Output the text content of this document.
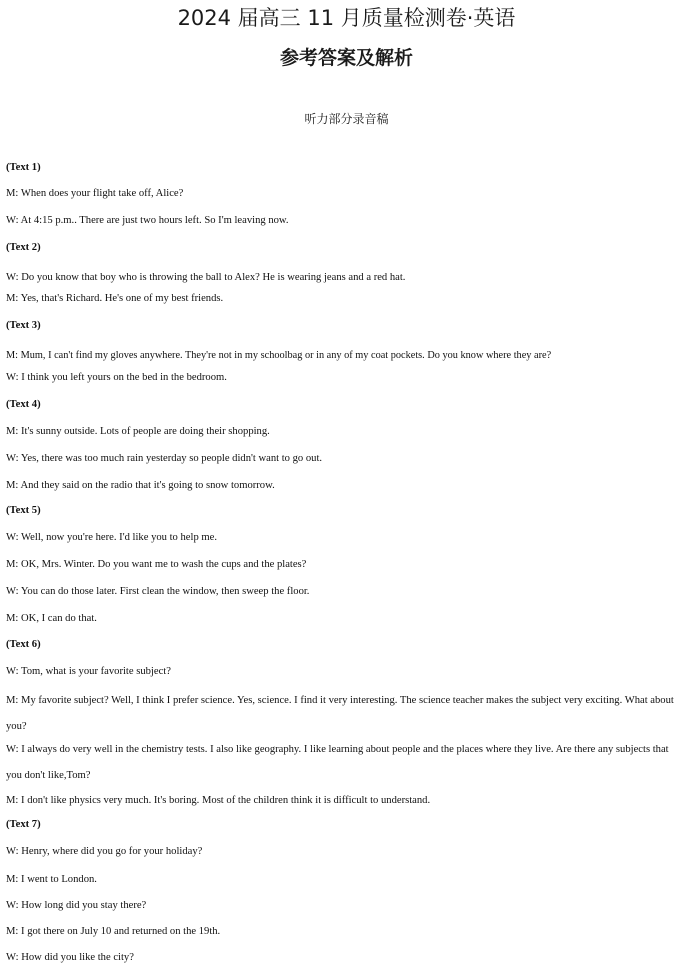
2024 届高三 11 月质量检测卷·英语
参考答案及解析
听力部分录音稿
(Text 1)
M: When does your flight take off, Alice?
W: At 4:15 p.m.. There are just two hours left. So I'm leaving now.
(Text 2)
W: Do you know that boy who is throwing the ball to Alex? He is wearing jeans and a red hat.
M: Yes, that's Richard. He's one of my best friends.
(Text 3)
M: Mum, I can't find my gloves anywhere. They're not in my schoolbag or in any of my coat pockets. Do you know where they are?
W: I think you left yours on the bed in the bedroom.
(Text 4)
M: It's sunny outside. Lots of people are doing their shopping.
W: Yes, there was too much rain yesterday so people didn't want to go out.
M: And they said on the radio that it's going to snow tomorrow.
(Text 5)
W: Well, now you're here. I'd like you to help me.
M: OK, Mrs. Winter. Do you want me to wash the cups and the plates?
W: You can do those later. First clean the window, then sweep the floor.
M: OK, I can do that.
(Text 6)
W: Tom, what is your favorite subject?
M: My favorite subject? Well, I think I prefer science. Yes, science. I find it very interesting. The science teacher makes the subject very exciting. What about you?
W: I always do very well in the chemistry tests. I also like geography. I like learning about people and the places where they live. Are there any subjects that you don't like,Tom?
M: I don't like physics very much. It's boring. Most of the children think it is difficult to understand.
(Text 7)
W: Henry, where did you go for your holiday?
M: I went to London.
W: How long did you stay there?
M: I got there on July 10 and returned on the 19th.
W: How did you like the city?
